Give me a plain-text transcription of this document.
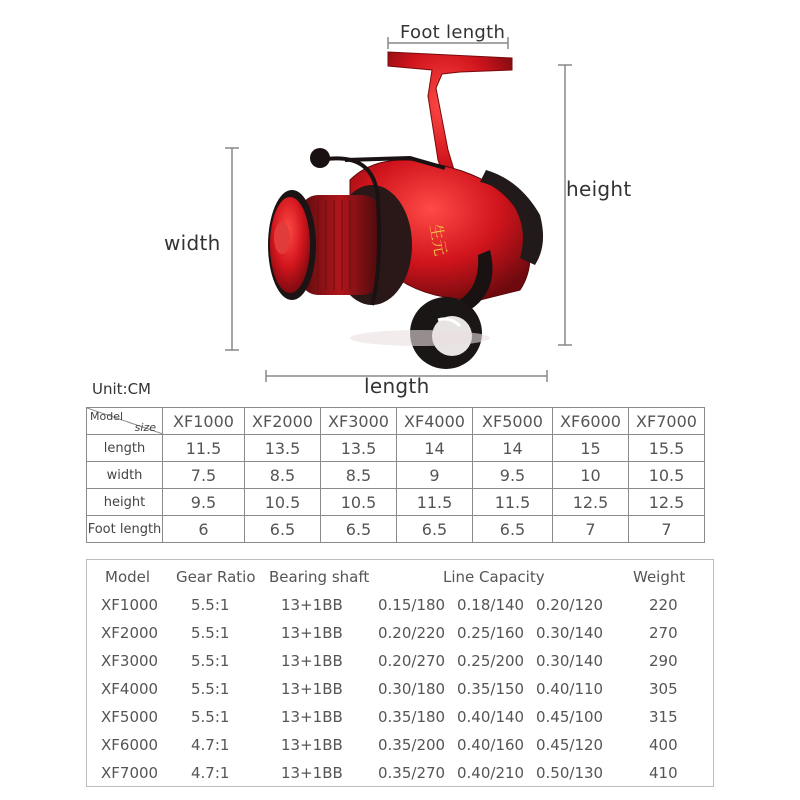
生元
Foot length
height
width
length
Unit:CM
Model
size	XF1000	XF2000	XF3000	XF4000	XF5000	XF6000	XF7000
length	11.5	13.5	13.5	14	14	15	15.5
width	7.5	8.5	8.5	9	9.5	10	10.5
height	9.5	10.5	10.5	11.5	11.5	12.5	12.5
Foot length	6	6.5	6.5	6.5	6.5	7	7
Model Gear Ratio Bearing shaft	Line Capacity	Weight
XF1000 5.5:1	13+1BB 0.15/180 0.18/140 0.20/120	220
XF2000 5.5:1	13+1BB 0.20/220 0.25/160 0.30/140	270
XF3000 5.5:1	13+1BB 0.20/270 0.25/200 0.30/140	290
XF4000 5.5:1	13+1BB 0.30/180 0.35/150 0.40/110	305
XF5000 5.5:1	13+1BB 0.35/180 0.40/140 0.45/100	315
XF6000 4.7:1	13+1BB 0.35/200 0.40/160 0.45/120	400
XF7000 4.7:1	13+1BB 0.35/270 0.40/210 0.50/130	410
